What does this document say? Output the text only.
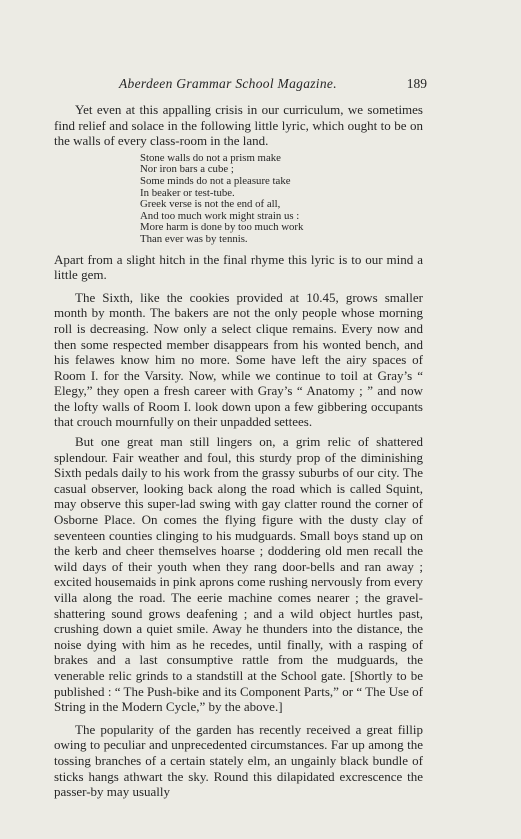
Aberdeen Grammar School Magazine.	189

Yet even at this appalling crisis in our curriculum, we sometimes find relief and solace in the following little lyric, which ought to be on the walls of every class-room in the land.

Stone walls do not a prism make
Nor iron bars a cube ;
Some minds do not a pleasure take
In beaker or test-tube.
Greek verse is not the end of all,
And too much work might strain us :
More harm is done by too much work
Than ever was by tennis.

Apart from a slight hitch in the final rhyme this lyric is to our mind a little gem.

The Sixth, like the cookies provided at 10.45, grows smaller month by month. The bakers are not the only people whose morning roll is decreasing. Now only a select clique remains. Every now and then some respected member disappears from his wonted bench, and his felawes know him no more. Some have left the airy spaces of Room I. for the Varsity. Now, while we continue to toil at Gray’s “ Elegy,” they open a fresh career with Gray’s “ Anatomy ; ” and now the lofty walls of Room I. look down upon a few gibbering occupants that crouch mournfully on their unpadded settees.

But one great man still lingers on, a grim relic of shattered splendour. Fair weather and foul, this sturdy prop of the diminishing Sixth pedals daily to his work from the grassy suburbs of our city. The casual observer, looking back along the road which is called Squint, may observe this super-lad swing with gay clatter round the corner of Osborne Place. On comes the flying figure with the dusty clay of seventeen counties clinging to his mudguards. Small boys stand up on the kerb and cheer themselves hoarse ; doddering old men recall the wild days of their youth when they rang door-bells and ran away ; excited housemaids in pink aprons come rushing nervously from every villa along the road. The eerie machine comes nearer ; the gravel-shattering sound grows deafening ; and a wild object hurtles past, crushing down a quiet smile. Away he thunders into the distance, the noise dying with him as he recedes, until finally, with a rasping of brakes and a last consumptive rattle from the mudguards, the venerable relic grinds to a standstill at the School gate. [Shortly to be published : “ The Push-bike and its Component Parts,” or “ The Use of String in the Modern Cycle,” by the above.]

The popularity of the garden has recently received a great fillip owing to peculiar and unprecedented circumstances. Far up among the tossing branches of a certain stately elm, an ungainly black bundle of sticks hangs athwart the sky. Round this dilapidated excrescence the passer-by may usually
